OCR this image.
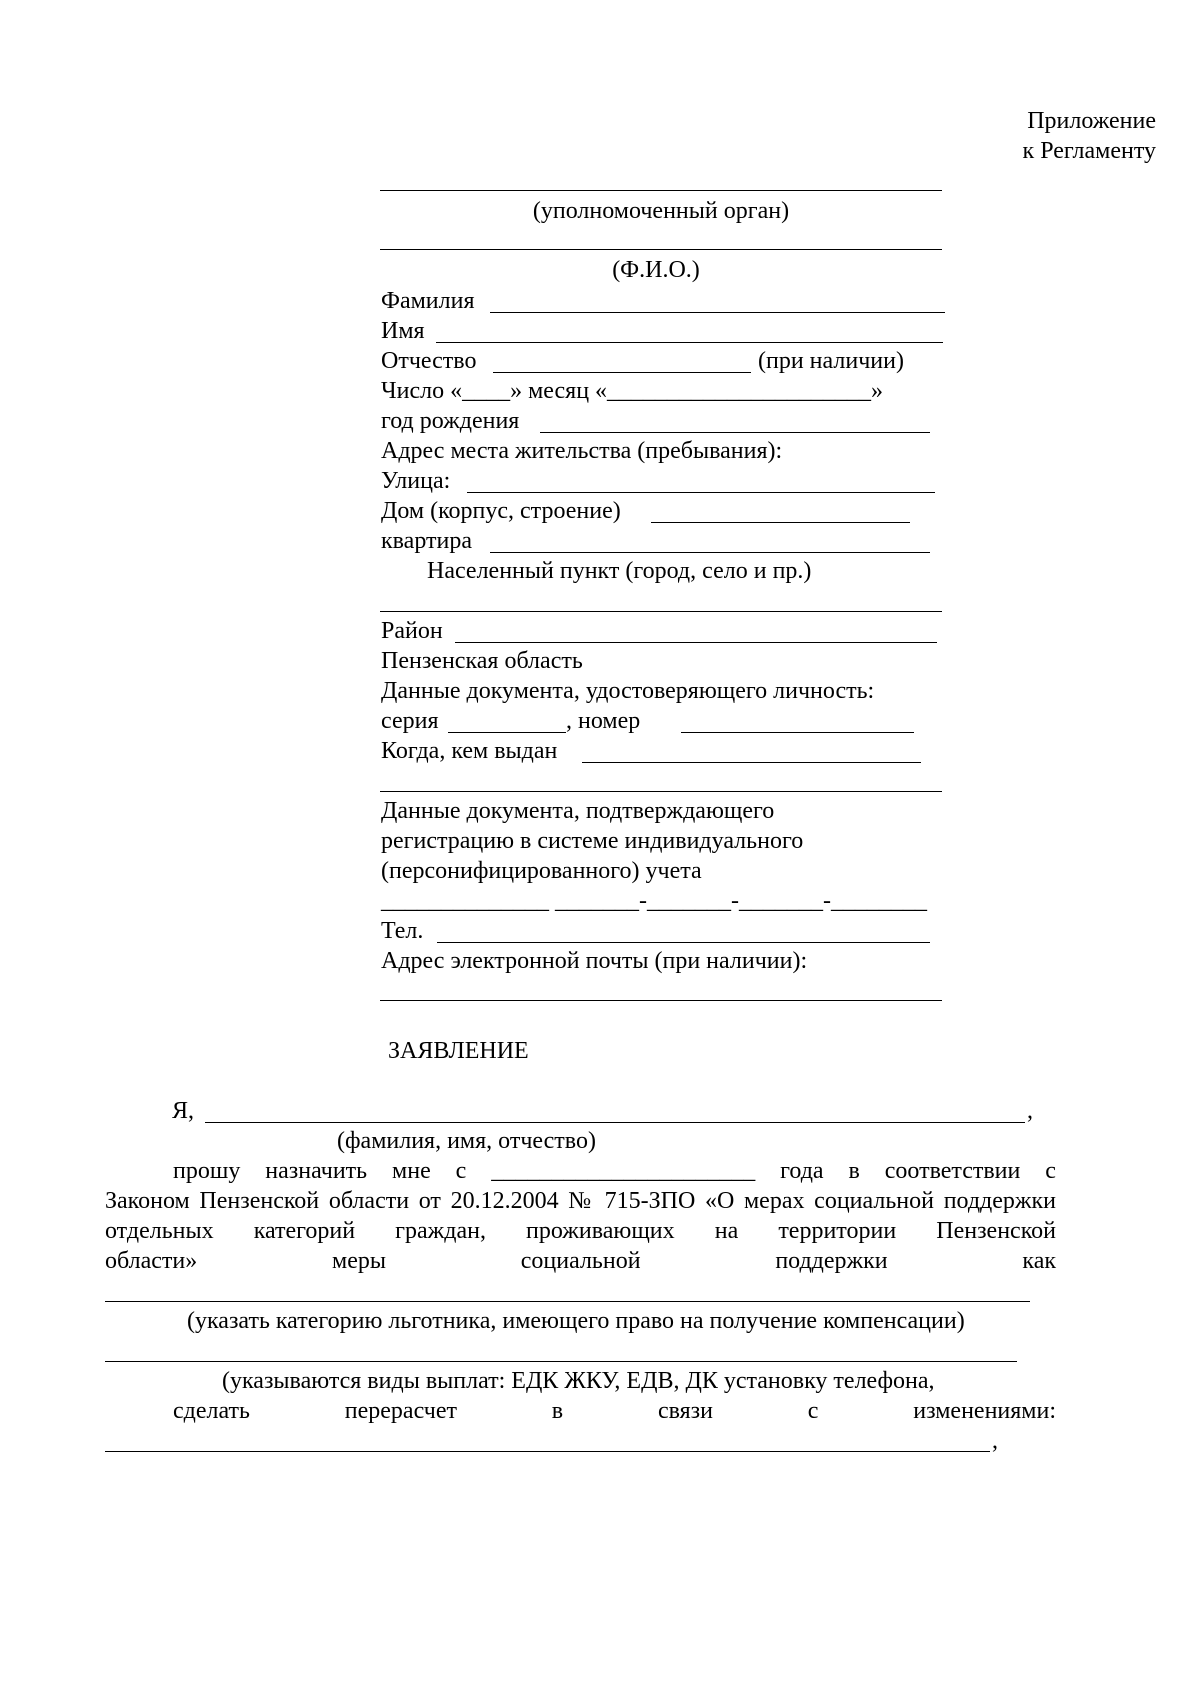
Приложение
к Регламенту
(уполномоченный орган)
(Ф.И.О.)
Фамилия
Имя
Отчество	(при наличии)
Число «____» месяц «______________________»
год рождения
Адрес места жительства (пребывания):
Улица:
Дом (корпус, строение)
квартира
Населенный пункт (город, село и пр.)
Район
Пензенская область
Данные документа, удостоверяющего личность:
серия	, номер
Когда, кем выдан
Данные документа, подтверждающего
регистрацию в системе индивидуального
(персонифицированного) учета
______________ _______-_______-_______-________
Тел.
Адрес электронной почты (при наличии):
ЗАЯВЛЕНИЕ
Я,	,
(фамилия, имя, отчество)
прошу назначить мне с ______________________ года в соответствии с
Законом Пензенской области от 20.12.2004 № 715-ЗПО «О мерах социальной поддержки отдельных категорий граждан, проживающих на территории Пензенской
области»	меры	социальной	поддержки	как
(указать категорию льготника, имеющего право на получение компенсации)
(указываются виды выплат: ЕДК ЖКУ, ЕДВ, ДК установку телефона,
сделать	перерасчет	в	связи	с	изменениями:
,
